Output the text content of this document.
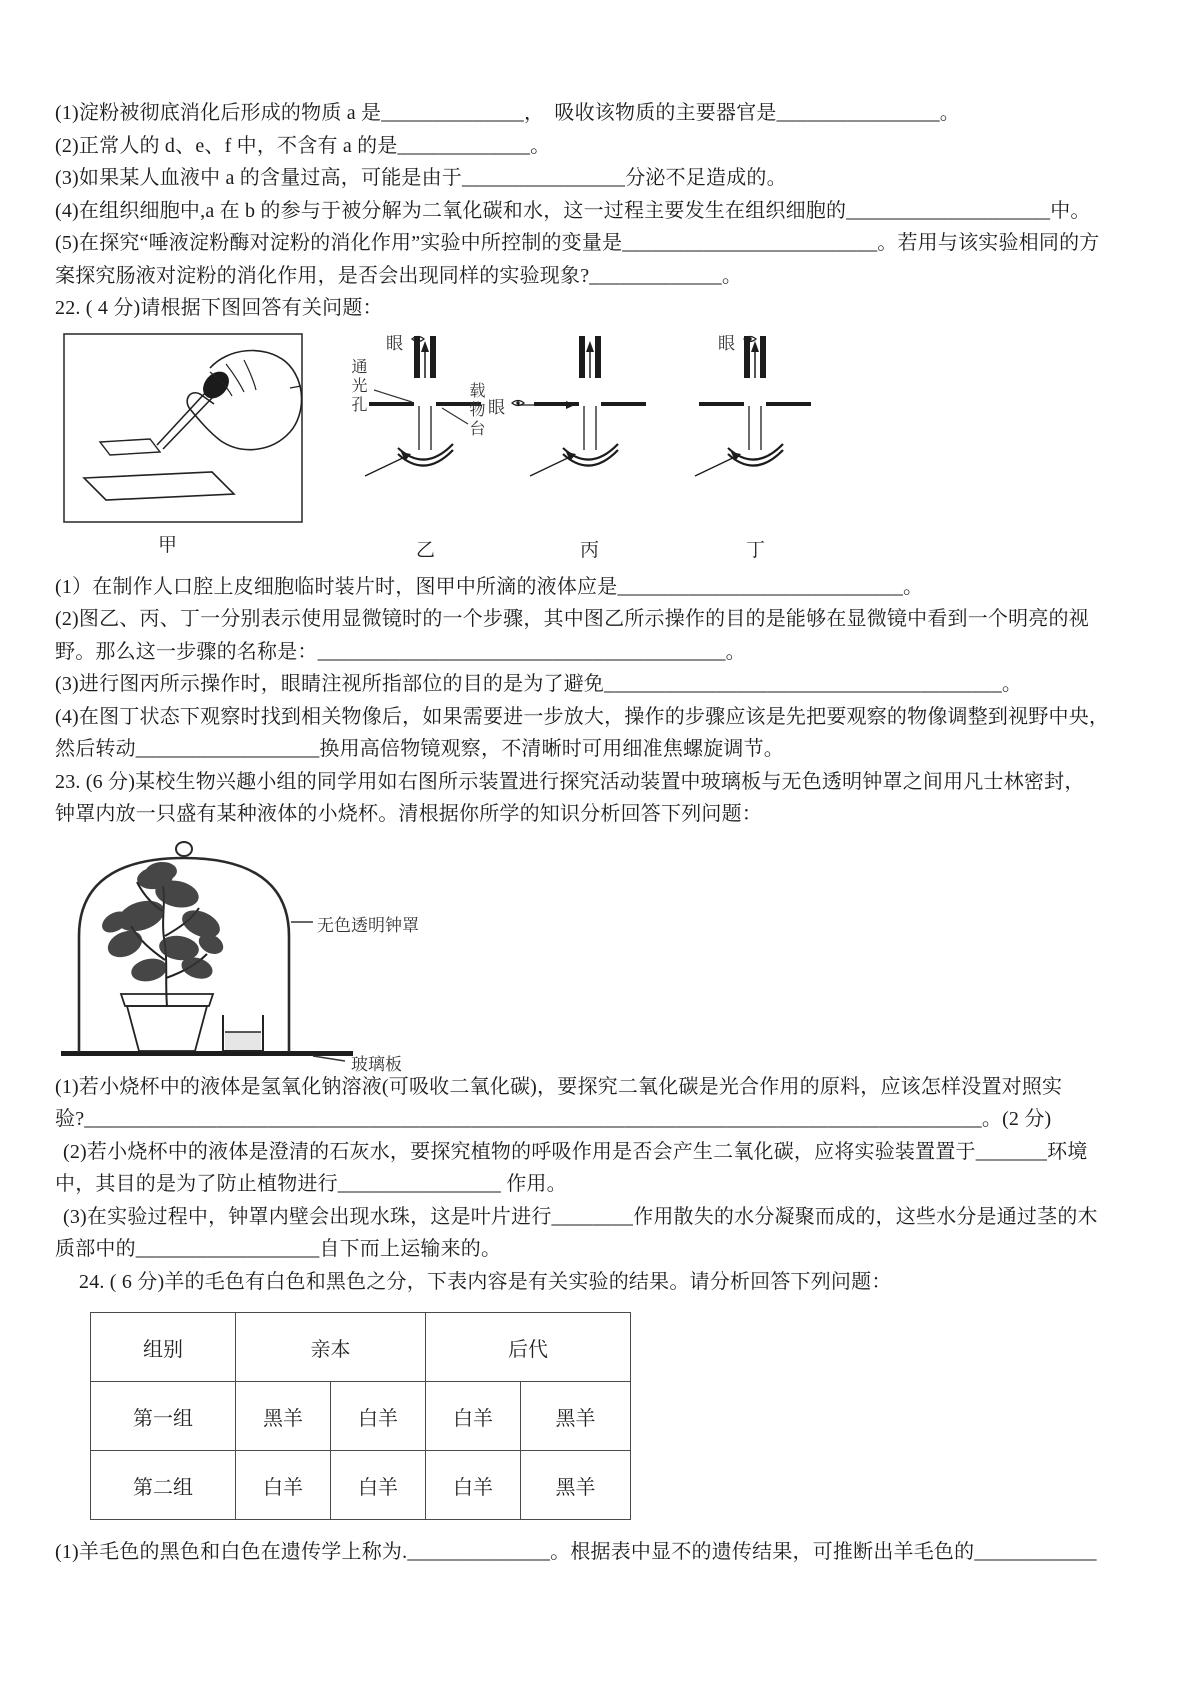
(1)淀粉被彻底消化后形成的物质 a 是______________，　吸收该物质的主要器官是________________。
(2)正常人的 d、e、f 中，不含有 a 的是_____________。
(3)如果某人血液中 a 的含量过高，可能是由于________________分泌不足造成的。
(4)在组织细胞中,a 在 b 的参与于被分解为二氧化碳和水，这一过程主要发生在组织细胞的____________________中。
(5)在探究“唾液淀粉酶对淀粉的消化作用”实验中所控制的变量是_________________________。若用与该实验相同的方
案探究肠液对淀粉的消化作用，是否会出现同样的实验现象?_____________。
22. ( 4 分)请根据下图回答有关问题：
眼
通光孔	载物台 眼
眼
甲	乙	丙	丁
(1）在制作人口腔上皮细胞临时装片时，图甲中所滴的液体应是____________________________。
(2)图乙、丙、丁一分别表示使用显微镜时的一个步骤，其中图乙所示操作的目的是能够在显微镜中看到一个明亮的视
野。那么这一步骤的名称是：________________________________________。
(3)进行图丙所示操作时，眼睛注视所指部位的目的是为了避免_______________________________________。
(4)在图丁状态下观察时找到相关物像后，如果需要进一步放大，操作的步骤应该是先把要观察的物像调整到视野中央，
然后转动__________________换用高倍物镜观察，不清晰时可用细准焦螺旋调节。
23. (6 分)某校生物兴趣小组的同学用如右图所示装置进行探究活动装置中玻璃板与无色透明钟罩之间用凡士林密封，
钟罩内放一只盛有某种液体的小烧杯。清根据你所学的知识分析回答下列问题：
无色透明钟罩
玻璃板
(1)若小烧杯中的液体是氢氧化钠溶液(可吸收二氧化碳)，要探究二氧化碳是光合作用的原料，应该怎样没置对照实
验?________________________________________________________________________________________。(2 分)
(2)若小烧杯中的液体是澄清的石灰水，要探究植物的呼吸作用是否会产生二氧化碳，应将实验装置置于_______环境
中，其目的是为了防止植物进行________________ 作用。
(3)在实验过程中，钟罩内壁会出现水珠，这是叶片进行________作用散失的水分凝聚而成的，这些水分是通过茎的木
质部中的__________________自下而上运输来的。
24. ( 6 分)羊的毛色有白色和黑色之分，下表内容是有关实验的结果。请分析回答下列问题：
组别	亲本		后代	
第一组	黑羊	白羊	白羊	黑羊
第二组	白羊	白羊	白羊	黑羊
(1)羊毛色的黑色和白色在遗传学上称为.______________。根据表中显不的遗传结果，可推断出羊毛色的____________
